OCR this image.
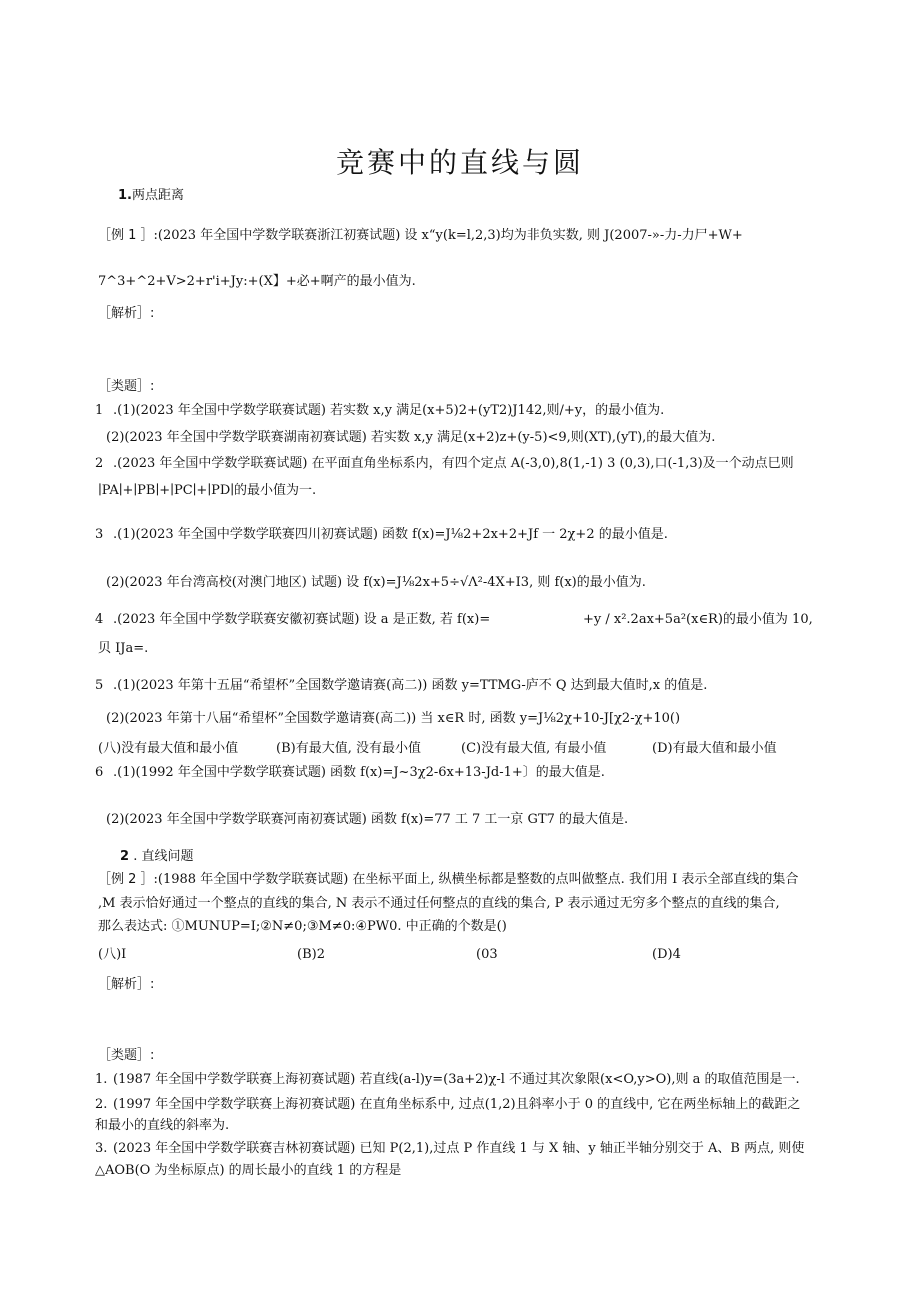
竞赛中的直线与圆
1.两点距离
［例 1 ］:(2023 年全国中学数学联赛浙江初赛试题) 设 x“y(k=l,2,3)均为非负实数, 则 J(2007-»-力-力尸+W+
7^3+^2+V>2+r'i+Jy:+(X】+必+啊产的最小值为.
［解析］:
［类题］:
1 .(1)(2023 年全国中学数学联赛试题) 若实数 x,y 满足(x+5)2+(yT2)J142,则/+y，的最小值为.
(2)(2023 年全国中学数学联赛湖南初赛试题) 若实数 x,y 满足(x+2)z+(y-5)<9,则(XT),(yT),的最大值为.
2 .(2023 年全国中学数学联赛试题) 在平面直角坐标系内，有四个定点 A(-3,0),8(1,-1) 3 (0,3),口(-1,3)及一个动点巳则
∣PA∣+∣PB∣+∣PC∣+∣PD∣的最小值为一.
3 .(1)(2023 年全国中学数学联赛四川初赛试题) 函数 f(x)=J⅛2+2x+2+Jf 一 2χ+2 的最小值是.
(2)(2023 年台湾高校(对澳门地区) 试题) 设 f(x)=J⅛2x+5÷√Λ²-4X+I3, 则 f(x)的最小值为.
4 .(2023 年全国中学数学联赛安徽初赛试题) 设 a 是正数, 若 f(x)=	+y / x².2ax+5a²(x∈R)的最小值为 10,
贝 IJa=.
5 .(1)(2023 年第十五届“希望杯”全国数学邀请赛(高二)) 函数 y=TTMG-庐不 Q 达到最大值时,x 的值是.
(2)(2023 年第十八届“希望杯”全国数学邀请赛(高二)) 当 x∈R 时, 函数 y=J⅛2χ+10-J[χ2-χ+10()
(八)没有最大值和最小值	(B)有最大值, 没有最小值	(C)没有最大值, 有最小值	(D)有最大值和最小值
6 .(1)(1992 年全国中学数学联赛试题) 函数 f(x)=J~3χ2-6x+13-Jd-1+〕的最大值是.
(2)(2023 年全国中学数学联赛河南初赛试题) 函数 f(x)=77 工 7 工一京 GT7 的最大值是.
2 . 直线问题
［例 2 ］:(1988 年全国中学数学联赛试题) 在坐标平面上, 纵横坐标都是整数的点叫做整点. 我们用 I 表示全部直线的集合
,M 表示恰好通过一个整点的直线的集合, N 表示不通过任何整点的直线的集合, P 表示通过无穷多个整点的直线的集合,
那么表达式: ①MUNUP=I;②N≠0;③M≠0:④PW0. 中正确的个数是()
(八)I	(B)2	(03	(D)4
［解析］:
［类题］:
1. (1987 年全国中学数学联赛上海初赛试题) 若直线(a-l)y=(3a+2)χ-l 不通过其次象限(x<O,y>O),则 a 的取值范围是一.
2. (1997 年全国中学数学联赛上海初赛试题) 在直角坐标系中, 过点(1,2)且斜率小于 0 的直线中, 它在两坐标轴上的截距之
和最小的直线的斜率为.
3. (2023 年全国中学数学联赛吉林初赛试题) 已知 P(2,1),过点 P 作直线 1 与 X 轴、y 轴正半轴分别交于 A、B 两点, 则使
△AOB(O 为坐标原点) 的周长最小的直线 1 的方程是
